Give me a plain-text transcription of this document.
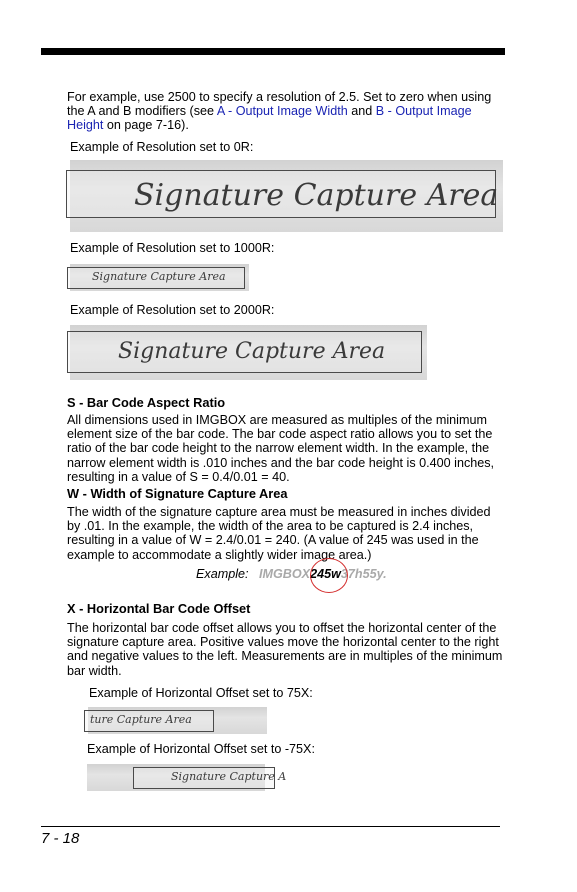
For example, use 2500 to specify a resolution of 2.5. Set to zero when using the A and B modifiers (see A - Output Image Width and B - Output Image Height on page 7-16).

Example of Resolution set to 0R:

Signature Capture Area

Example of Resolution set to 1000R:

Signature Capture Area

Example of Resolution set to 2000R:

Signature Capture Area

S - Bar Code Aspect Ratio

All dimensions used in IMGBOX are measured as multiples of the minimum element size of the bar code. The bar code aspect ratio allows you to set the ratio of the bar code height to the narrow element width. In the example, the narrow element width is .010 inches and the bar code height is 0.400 inches, resulting in a value of S = 0.4/0.01 = 40.

W - Width of Signature Capture Area

The width of the signature capture area must be measured in inches divided by .01. In the example, the width of the area to be captured is 2.4 inches, resulting in a value of W = 2.4/0.01 = 240. (A value of 245 was used in the example to accommodate a slightly wider image area.)

Example: IMGBOX245w37h55y.

X - Horizontal Bar Code Offset

The horizontal bar code offset allows you to offset the horizontal center of the signature capture area. Positive values move the horizontal center to the right and negative values to the left. Measurements are in multiples of the minimum bar width.

Example of Horizontal Offset set to 75X:

ture Capture Area

Example of Horizontal Offset set to -75X:

Signature Capture A
7 - 18
